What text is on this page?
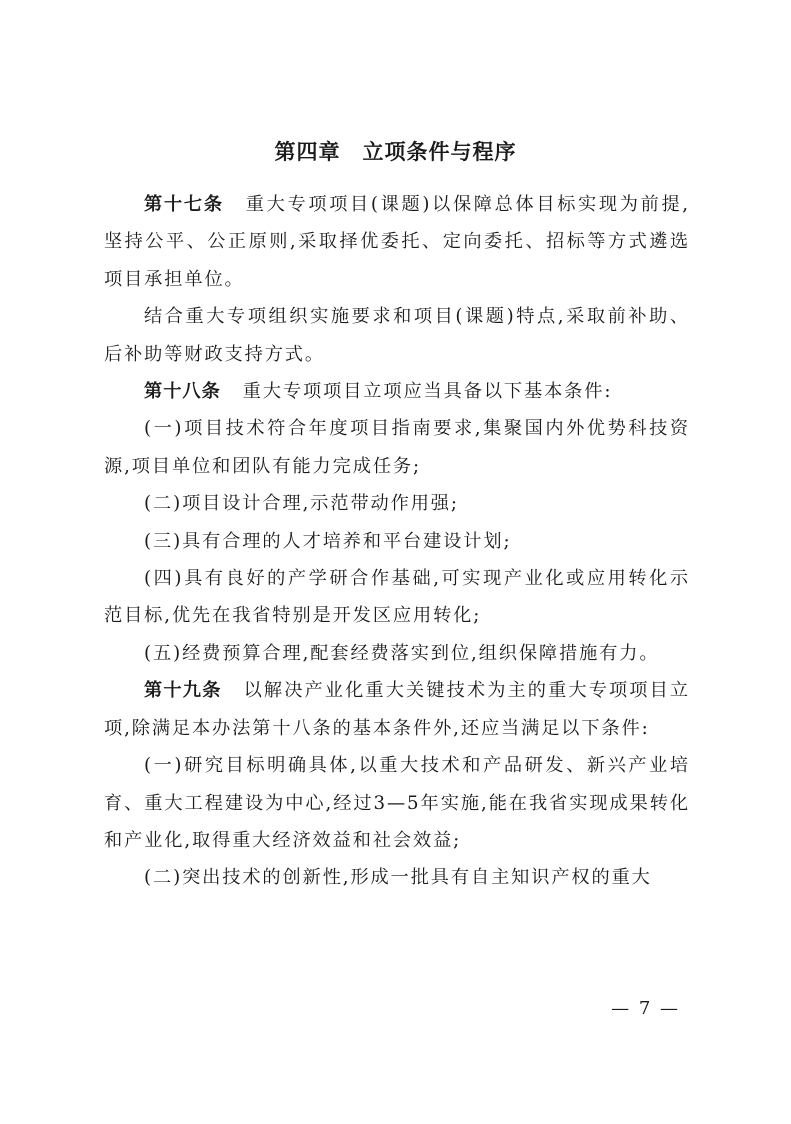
第四章　立项条件与程序

第十七条 重大专项项目(课题)以保障总体目标实现为前提,坚持公平、公正原则,采取择优委托、定向委托、招标等方式遴选项目承担单位。

结合重大专项组织实施要求和项目(课题)特点,采取前补助、后补助等财政支持方式。

第十八条 重大专项项目立项应当具备以下基本条件:

(一)项目技术符合年度项目指南要求,集聚国内外优势科技资源,项目单位和团队有能力完成任务;

(二)项目设计合理,示范带动作用强;

(三)具有合理的人才培养和平台建设计划;

(四)具有良好的产学研合作基础,可实现产业化或应用转化示范目标,优先在我省特别是开发区应用转化;

(五)经费预算合理,配套经费落实到位,组织保障措施有力。

第十九条 以解决产业化重大关键技术为主的重大专项项目立项,除满足本办法第十八条的基本条件外,还应当满足以下条件:

(一)研究目标明确具体,以重大技术和产品研发、新兴产业培育、重大工程建设为中心,经过3—5年实施,能在我省实现成果转化和产业化,取得重大经济效益和社会效益;

(二)突出技术的创新性,形成一批具有自主知识产权的重大

— 7 —
